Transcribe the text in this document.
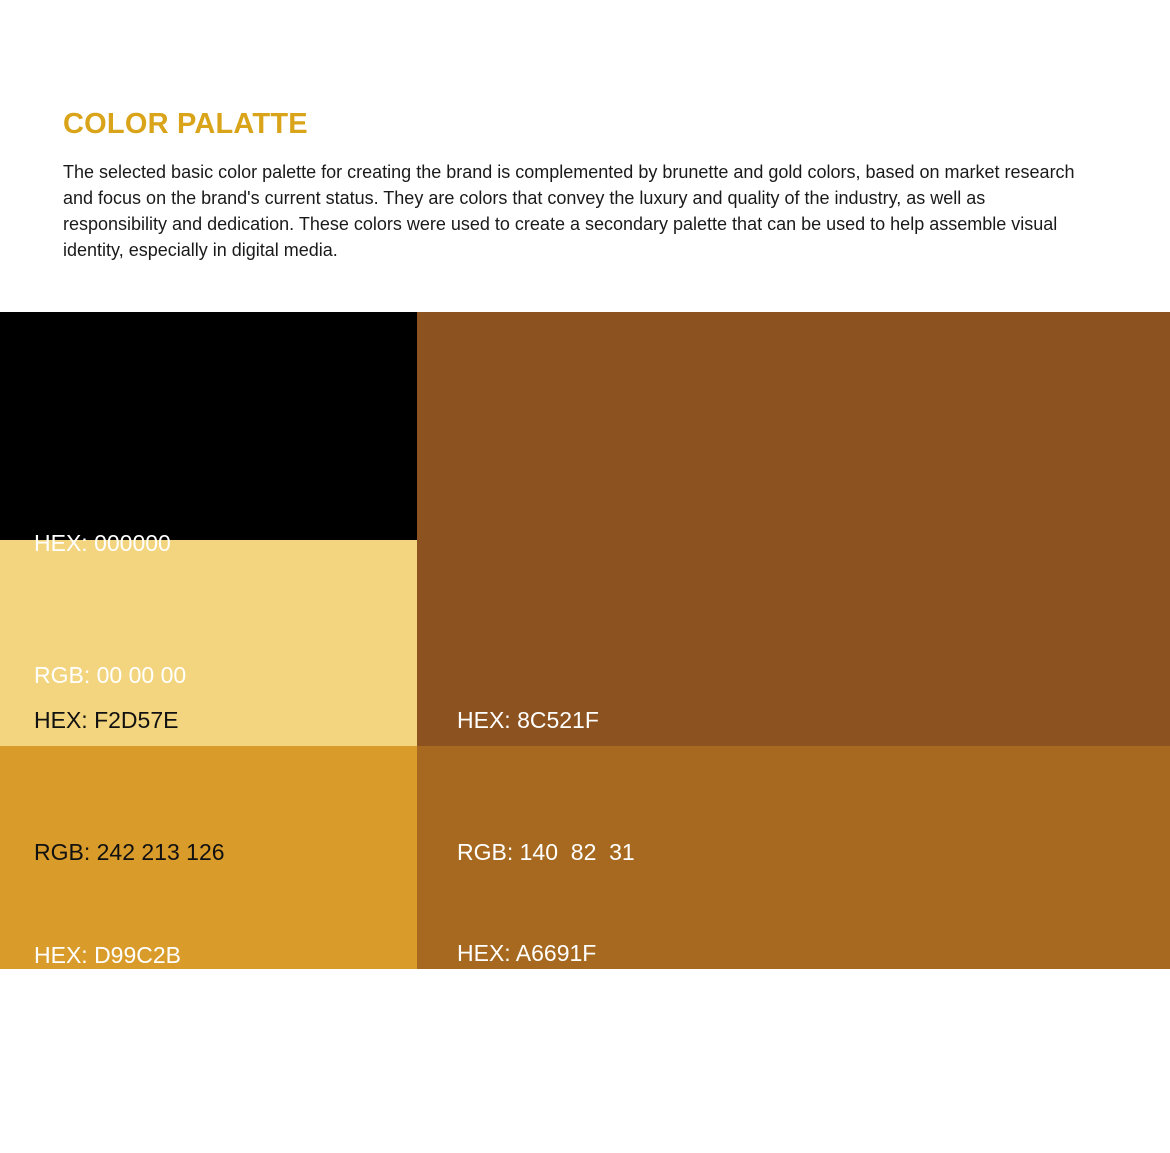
COLOR PALATTE

The selected basic color palette for creating the brand is complemented by brunette and gold colors, based on market research and focus on the brand's current status. They are colors that convey the luxury and quality of the industry, as well as responsibility and dedication. These colors were used to create a secondary palette that can be used to help assemble visual identity, especially in digital media.

HEX: 000000

RGB: 00 00 00

HEX: F2D57E

RGB: 242 213 126

HEX: D99C2B

RGB: 217 156 43

HEX: 8C521F

RGB: 140  82  31

HEX: A6691F

RGB: 166 105 31
